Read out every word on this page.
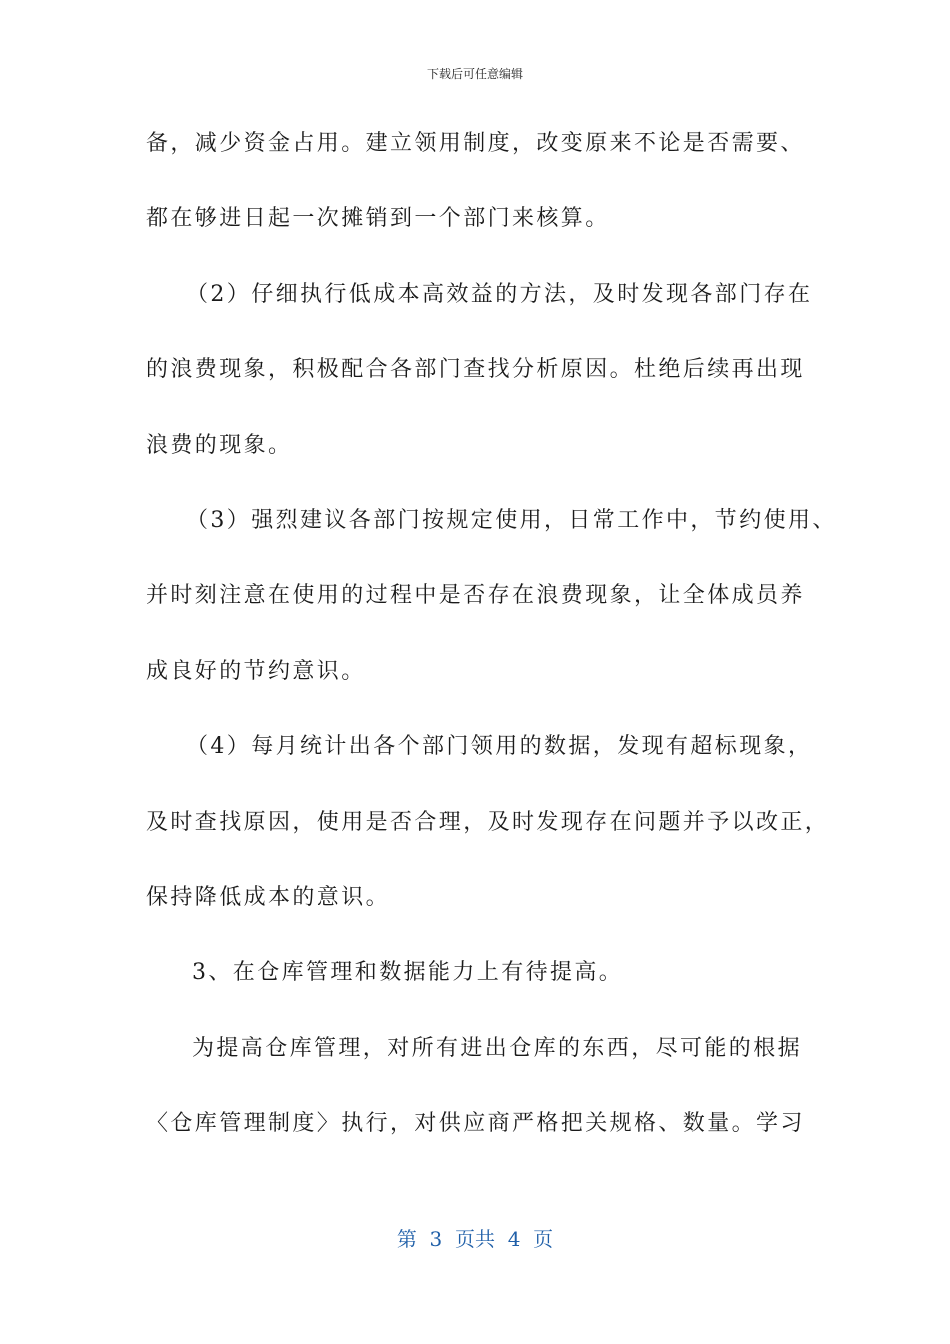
下载后可任意编辑
备，减少资金占用。建立领用制度，改变原来不论是否需要、
都在够进日起一次摊销到一个部门来核算。
（2）仔细执行低成本高效益的方法，及时发现各部门存在
的浪费现象，积极配合各部门查找分析原因。杜绝后续再出现
浪费的现象。
（3）强烈建议各部门按规定使用，日常工作中，节约使用、
并时刻注意在使用的过程中是否存在浪费现象，让全体成员养
成良好的节约意识。
（4）每月统计出各个部门领用的数据，发现有超标现象，
及时查找原因，使用是否合理，及时发现存在问题并予以改正，
保持降低成本的意识。
3、在仓库管理和数据能力上有待提高。
为提高仓库管理，对所有进出仓库的东西，尽可能的根据
〈仓库管理制度〉执行，对供应商严格把关规格、数量。学习
第  3  页共  4  页
